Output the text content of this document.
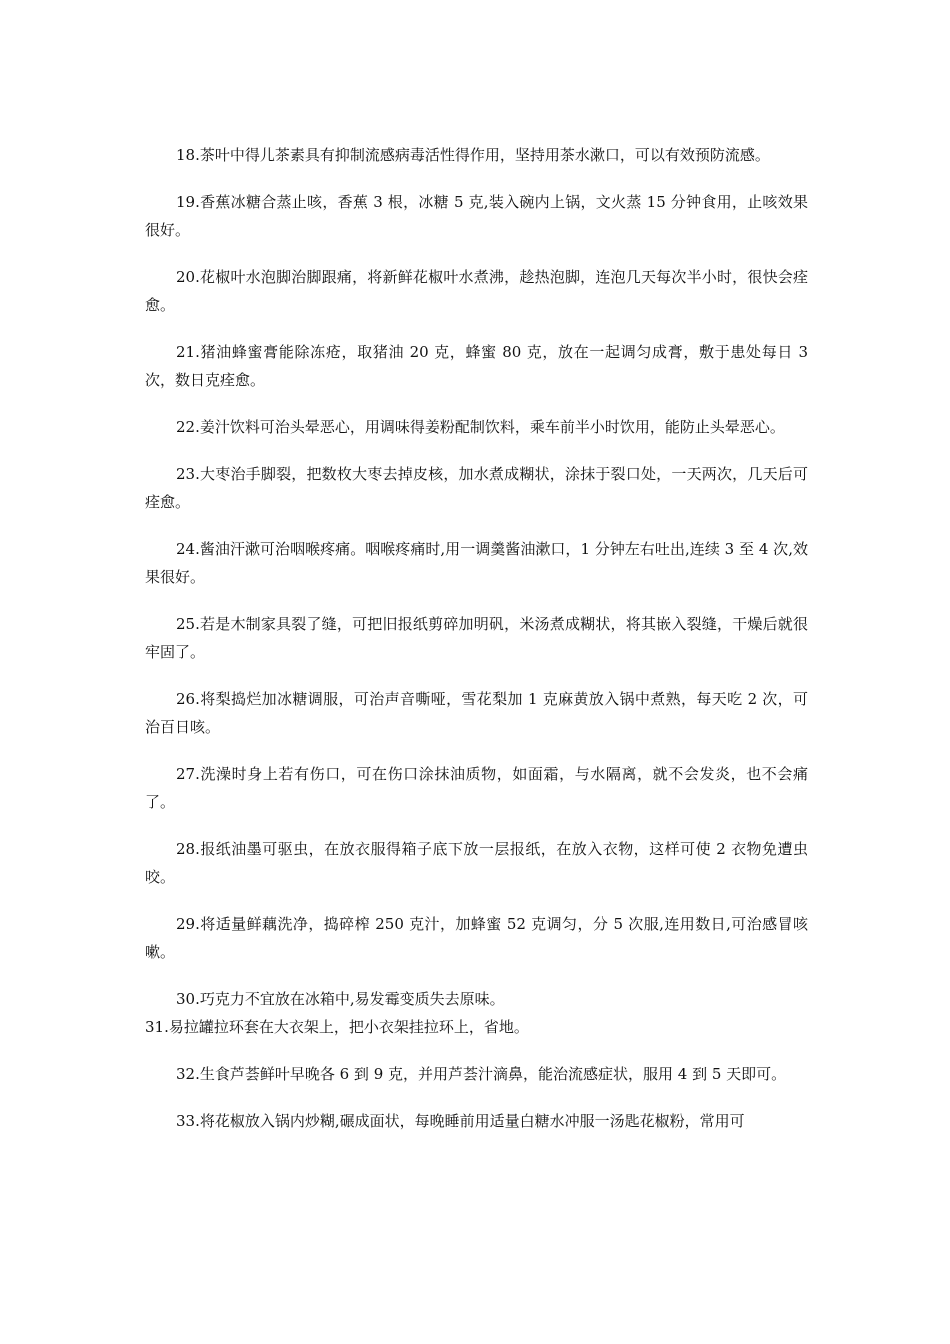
18.茶叶中得儿茶素具有抑制流感病毒活性得作用，坚持用茶水漱口，可以有效预防流感。

19.香蕉冰糖合蒸止咳，香蕉 3 根，冰糖 5 克,装入碗内上锅，文火蒸 15 分钟食用，止咳效果很好。

20.花椒叶水泡脚治脚跟痛，将新鲜花椒叶水煮沸，趁热泡脚，连泡几天每次半小时，很快会痊愈。

21.猪油蜂蜜膏能除冻疮，取猪油 20 克，蜂蜜 80 克，放在一起调匀成膏，敷于患处每日 3 次，数日克痊愈。

22.姜汁饮料可治头晕恶心，用调味得姜粉配制饮料，乘车前半小时饮用，能防止头晕恶心。

23.大枣治手脚裂，把数枚大枣去掉皮核，加水煮成糊状，涂抹于裂口处，一天两次，几天后可痊愈。

24.酱油汗漱可治咽喉疼痛。咽喉疼痛时,用一调羹酱油漱口，1 分钟左右吐出,连续 3 至 4 次,效果很好。

25.若是木制家具裂了缝，可把旧报纸剪碎加明矾，米汤煮成糊状，将其嵌入裂缝，干燥后就很牢固了。

26.将梨捣烂加冰糖调服，可治声音嘶哑，雪花梨加 1 克麻黄放入锅中煮熟，每天吃 2 次，可治百日咳。

27.洗澡时身上若有伤口，可在伤口涂抹油质物，如面霜，与水隔离，就不会发炎，也不会痛了。

28.报纸油墨可驱虫，在放衣服得箱子底下放一层报纸，在放入衣物，这样可使 2 衣物免遭虫咬。

29.将适量鲜藕洗净，捣碎榨 250 克汁，加蜂蜜 52 克调匀，分 5 次服,连用数日,可治感冒咳嗽。

30.巧克力不宜放在冰箱中,易发霉变质失去原味。

31.易拉罐拉环套在大衣架上，把小衣架挂拉环上，省地。

32.生食芦荟鲜叶早晚各 6 到 9 克，并用芦荟汁滴鼻，能治流感症状，服用 4 到 5 天即可。

33.将花椒放入锅内炒糊,碾成面状，每晚睡前用适量白糖水冲服一汤匙花椒粉，常用可
